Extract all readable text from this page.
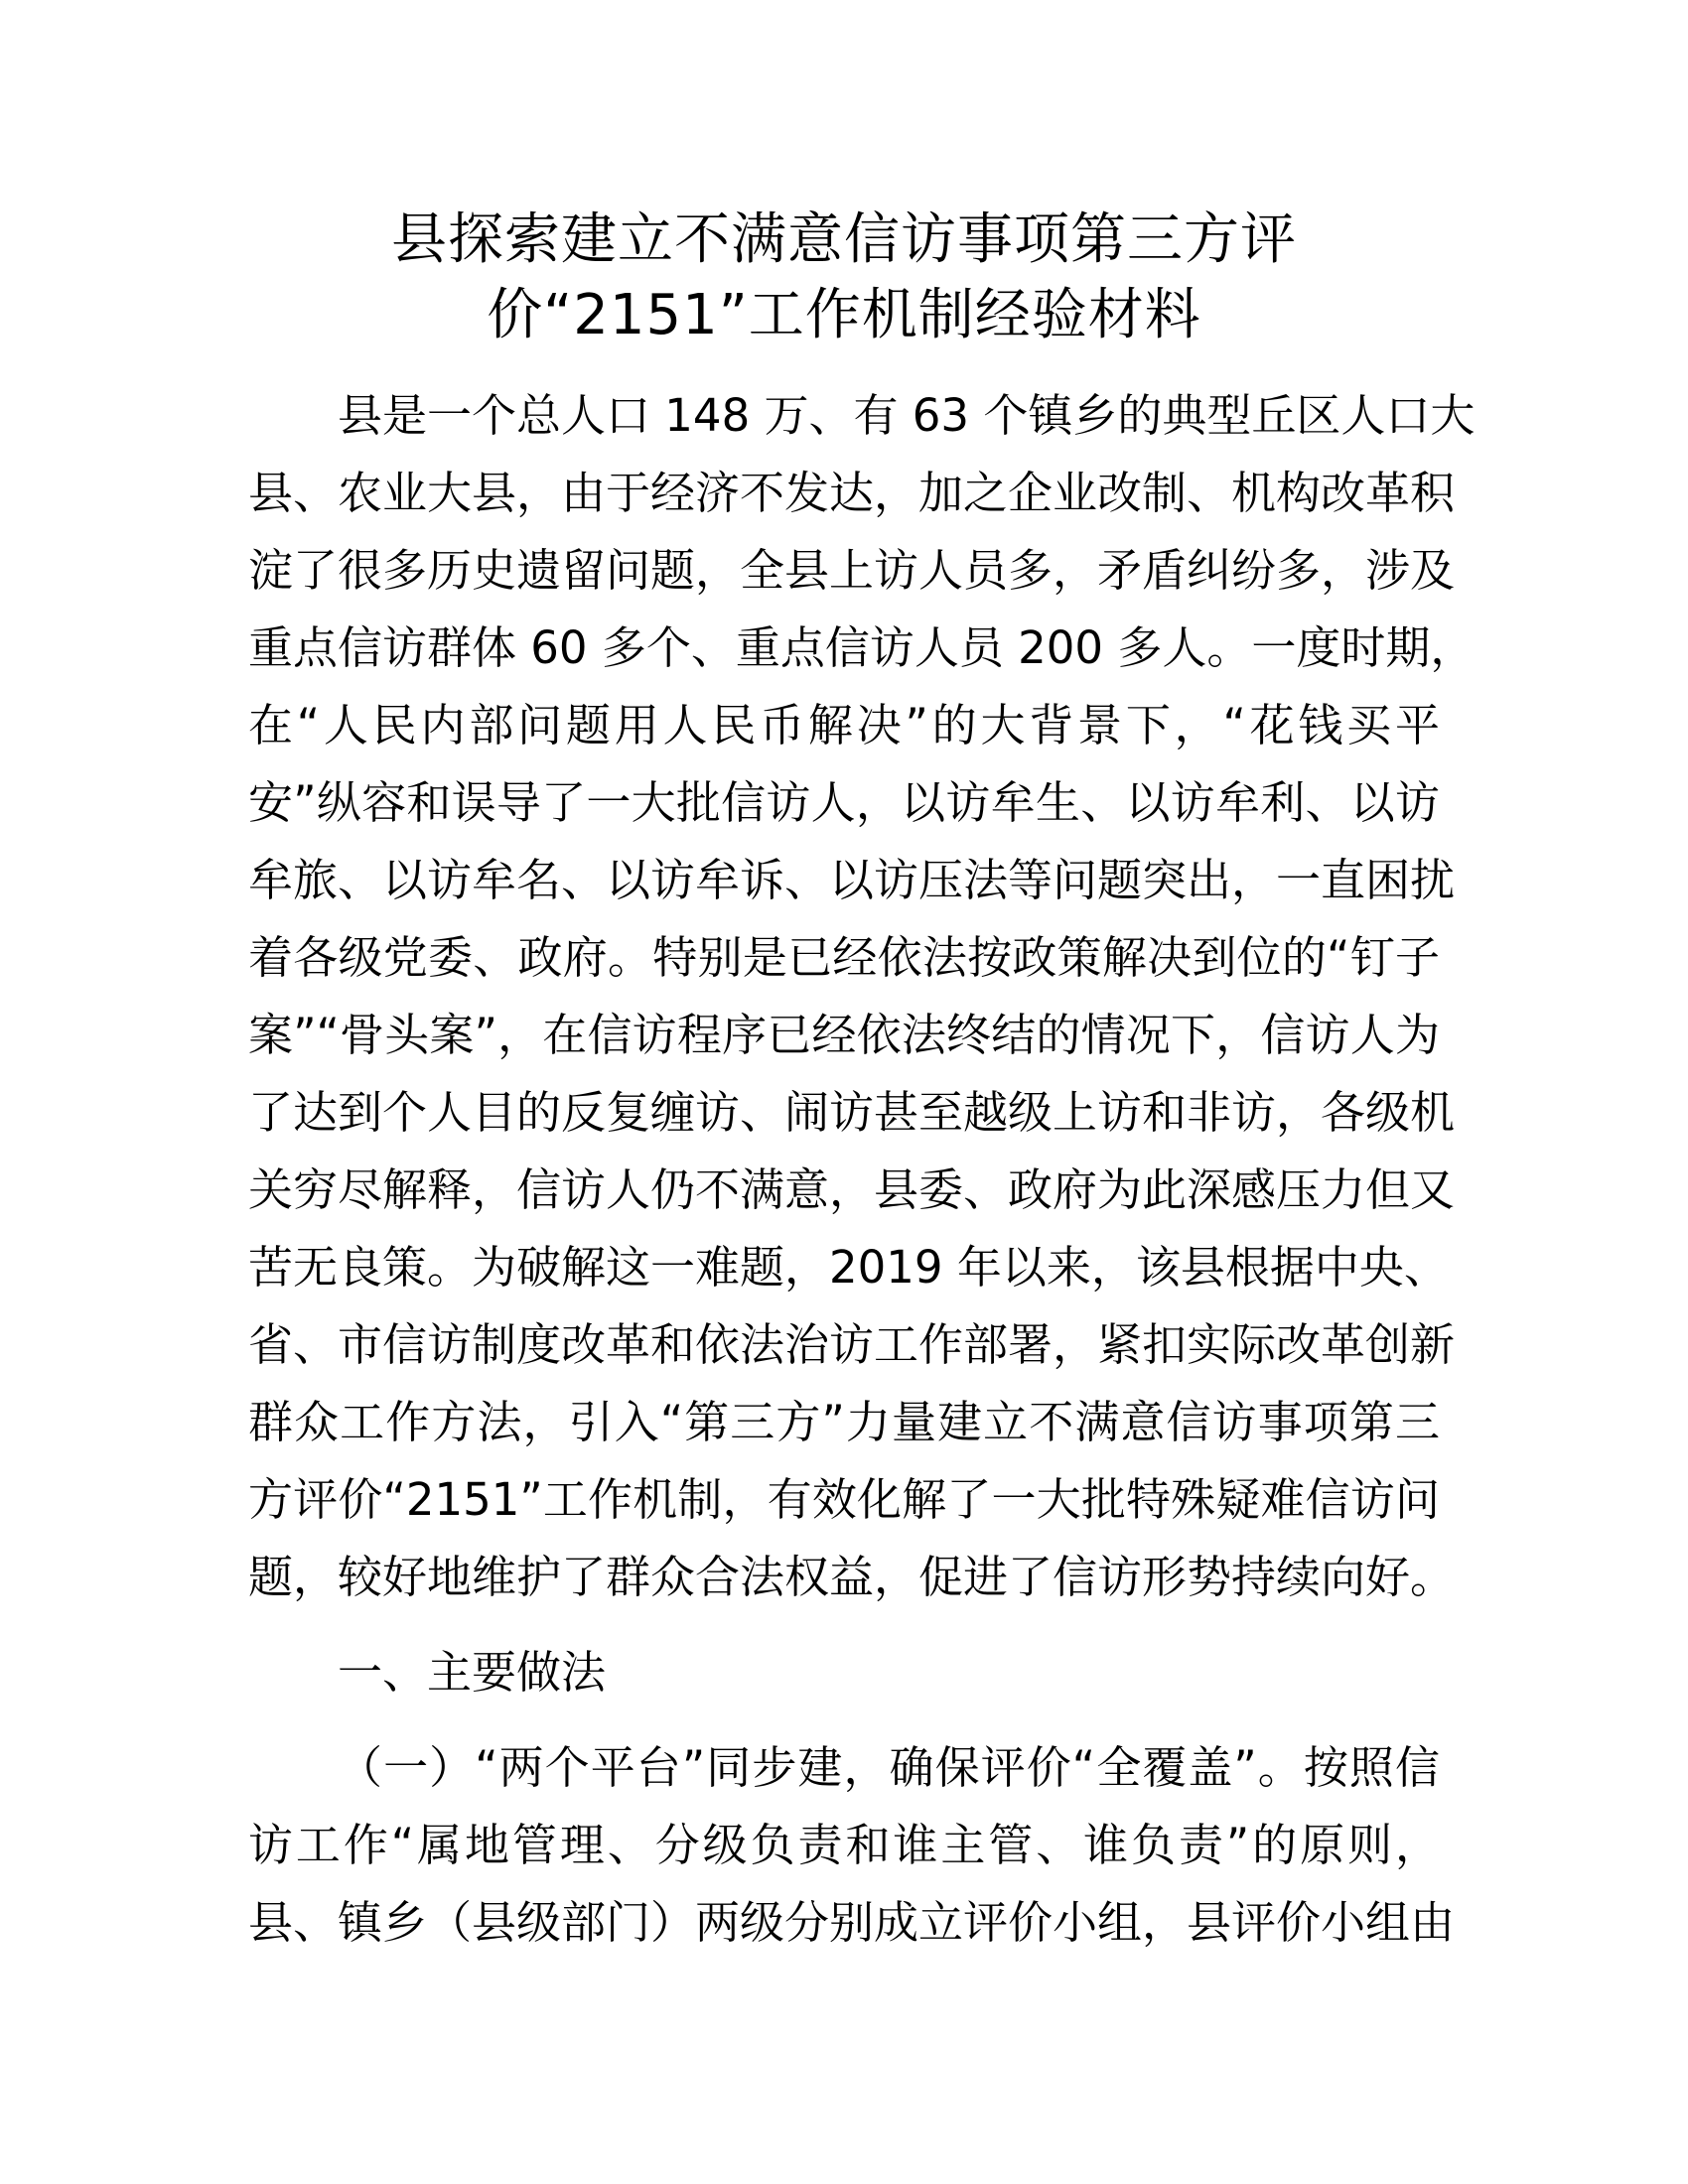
县探索建立不满意信访事项第三方评
价“2151”工作机制经验材料
县是一个总人口 148 万、有 63 个镇乡的典型丘区人口大
县、农业大县，由于经济不发达，加之企业改制、机构改革积
淀了很多历史遗留问题，全县上访人员多，矛盾纠纷多，涉及
重点信访群体 60 多个、重点信访人员 200 多人。一度时期，
在“人民内部问题用人民币解决”的大背景下，“花钱买平
安”纵容和误导了一大批信访人，以访牟生、以访牟利、以访
牟旅、以访牟名、以访牟诉、以访压法等问题突出，一直困扰
着各级党委、政府。特别是已经依法按政策解决到位的“钉子
案”“骨头案”，在信访程序已经依法终结的情况下，信访人为
了达到个人目的反复缠访、闹访甚至越级上访和非访，各级机
关穷尽解释，信访人仍不满意，县委、政府为此深感压力但又
苦无良策。为破解这一难题，2019 年以来，该县根据中央、
省、市信访制度改革和依法治访工作部署，紧扣实际改革创新
群众工作方法，引入“第三方”力量建立不满意信访事项第三
方评价“2151”工作机制，有效化解了一大批特殊疑难信访问
题，较好地维护了群众合法权益，促进了信访形势持续向好。
一、主要做法
（一）“两个平台”同步建，确保评价“全覆盖”。按照信
访工作“属地管理、分级负责和谁主管、谁负责”的原则，
县、镇乡（县级部门）两级分别成立评价小组，县评价小组由
